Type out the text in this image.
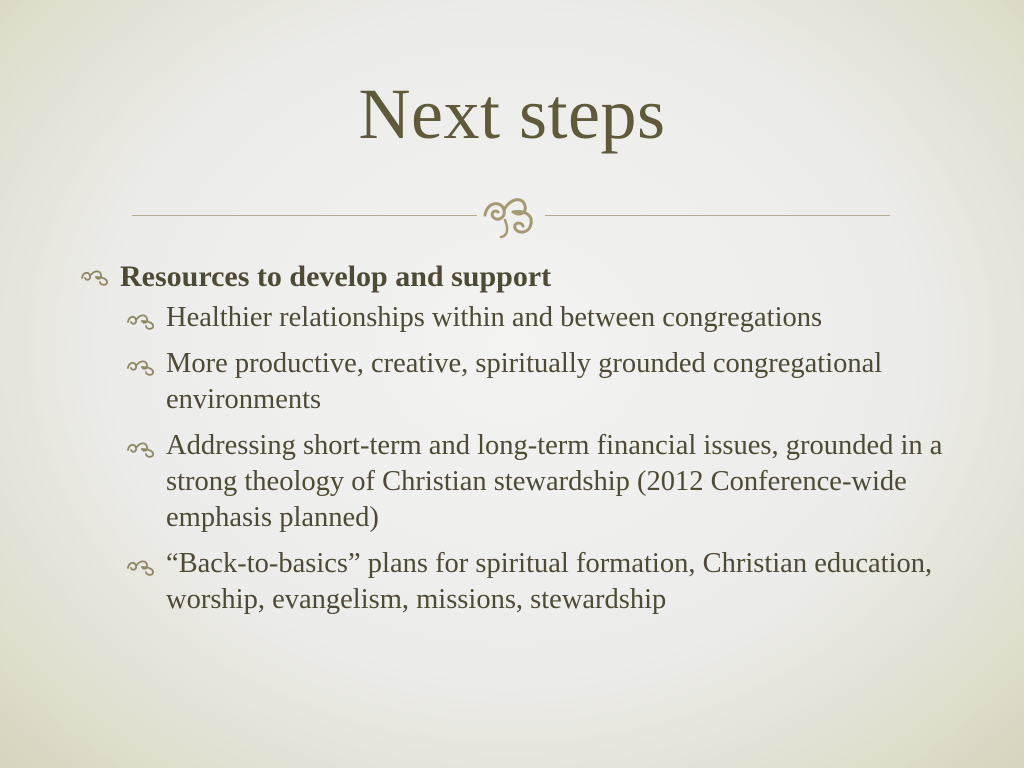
Next steps
Resources to develop and support
Healthier relationships within and between congregations
More productive, creative, spiritually grounded congregational environments
Addressing short-term and long-term financial issues, grounded in a strong theology of Christian stewardship (2012 Conference-wide emphasis planned)
“Back-to-basics” plans for spiritual formation, Christian education, worship, evangelism, missions, stewardship
